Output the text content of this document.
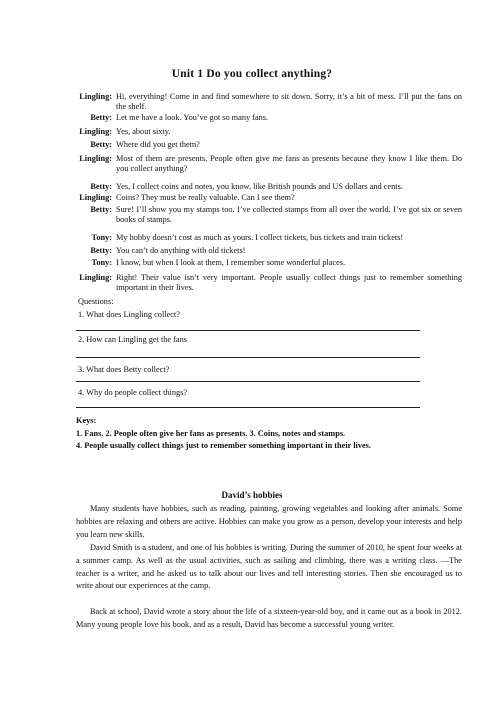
Unit 1 Do you collect anything?
Lingling: Hi, everything! Come in and find somewhere to sit down. Sorry, it’s a bit of mess. I’ll put the fans on the shelf.
Betty: Let me have a look. You’ve got so many fans.
Lingling: Yes, about sixty.
Betty: Where did you get them?
Lingling: Most of them are presents. People often give me fans as presents because they know I like them. Do you collect anything?
Betty: Yes, I collect coins and notes, you know, like British pounds and US dollars and cents.
Lingling: Coins? They must be really valuable. Can I see them?
Betty: Sure! I’ll show you my stamps too. I’ve collected stamps from all over the world. I’ve got six or seven books of stamps.
Tony: My hobby doesn’t cost as much as yours. I collect tickets, bus tickets and train tickets!
Betty: You can’t do anything with old tickets!
Tony: I know, but when I look at them, I remember some wonderful places.
Lingling: Right! Their value isn’t very important. People usually collect things just to remember something important in their lives.
Questions:
1. What does Lingling collect?
2. How can Lingling get the fans
3. What does Betty collect?
4. Why do people collect things?
Keys:
1. Fans. 2. People often give her fans as presents. 3. Coins, notes and stamps.
4. People usually collect things just to remember something important in their lives.
David’s hobbies
Many students have hobbies, such as reading, painting, growing vegetables and looking after animals. Some hobbies are relaxing and others are active. Hobbies can make you grow as a person, develop your interests and help you learn new skills.
David Smith is a student, and one of his hobbies is writing. During the summer of 2010, he spent four weeks at a summer camp. As well as the usual activities, such as sailing and climbing, there was a writing class. —The teacher is a writer, and he asked us to talk about our lives and tell interesting stories. Then she encouraged us to write about our experiences at the camp.
Back at school, David wrote a story about the life of a sixteen-year-old boy, and it came out as a book in 2012. Many young people love his book, and as a result, David has become a successful young writer.
